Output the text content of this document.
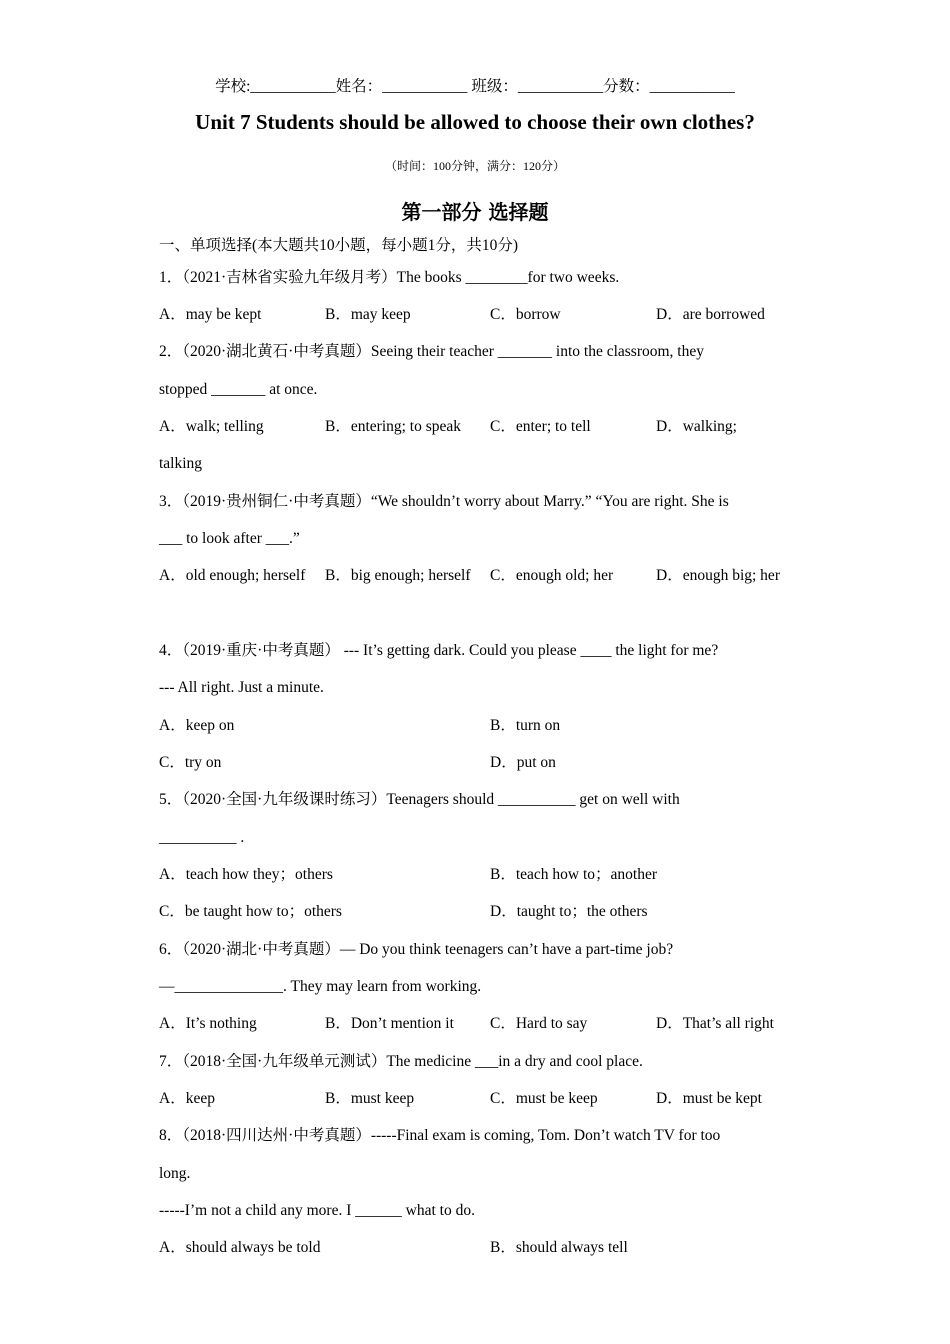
学校:___________姓名：___________ 班级：___________分数：___________
Unit 7 Students should be allowed to choose their own clothes?
（时间：100分钟，满分：120分）
第一部分 选择题
一、单项选择(本大题共10小题，每小题1分，共10分)
1．（2021·吉林省实验九年级月考）The books ________for two weeks.
A．may be kept	B．may keep	C．borrow	D．are borrowed
2．（2020·湖北黄石·中考真题）Seeing their teacher _______ into the classroom, they
stopped _______ at once.
A．walk; telling	B．entering; to speak C．enter; to tell	D．walking;
talking
3．（2019·贵州铜仁·中考真题）“We shouldn’t worry about Marry.” “You are right. She is
___ to look after ___.”
A．old enough; herself B．big enough; herself C．enough old; her	D．enough big; her
4．（2019·重庆·中考真题） --- It’s getting dark. Could you please ____ the light for me?
--- All right. Just a minute.
A．keep on	B．turn on
C．try on	D．put on
5．（2020·全国·九年级课时练习）Teenagers should __________ get on well with
__________ .
A．teach how they；others	B．teach how to；another
C．be taught how to；others	D．taught to；the others
6．（2020·湖北·中考真题）— Do you think teenagers can’t have a part-time job?
—______________. They may learn from working.
A．It’s nothing	B．Don’t mention it C．Hard to say	D．That’s all right
7．（2018·全国·九年级单元测试）The medicine ___in a dry and cool place.
A．keep	B．must keep	C．must be keep	D．must be kept
8．（2018·四川达州·中考真题）-----Final exam is coming, Tom. Don’t watch TV for too
long.
-----I’m not a child any more. I ______ what to do.
A．should always be told	B．should always tell
